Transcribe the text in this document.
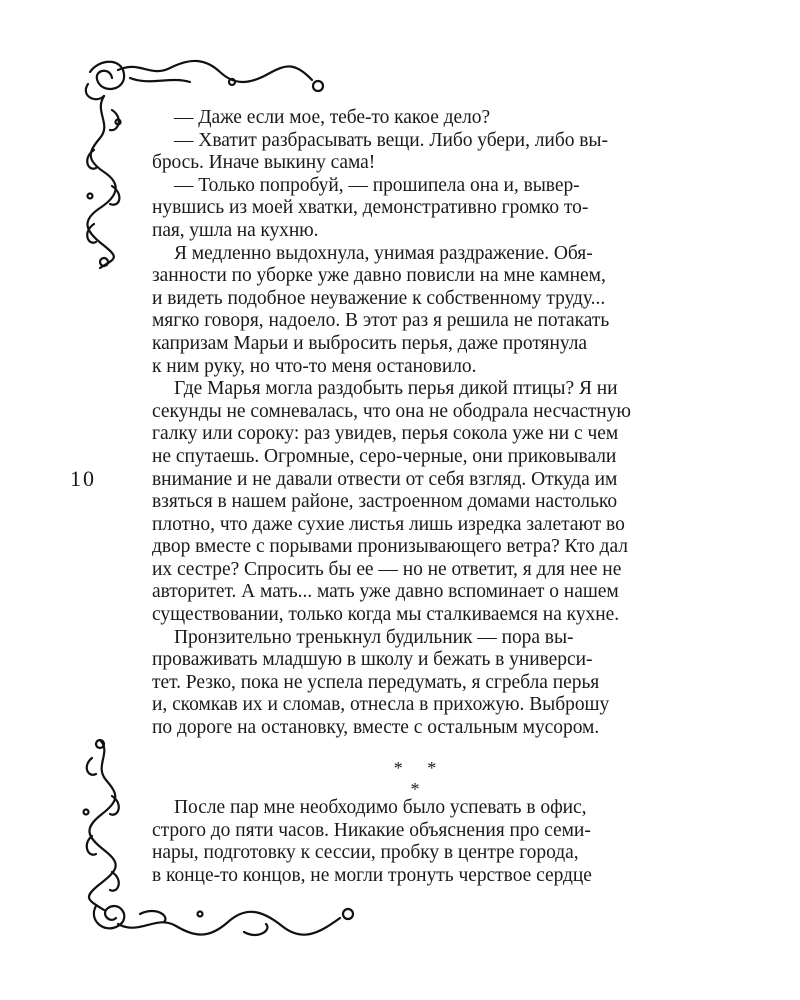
10
— Даже если мое, тебе-то какое дело?
— Хватит разбрасывать вещи. Либо убери, либо вы-
брось. Иначе выкину сама!
— Только попробуй, — прошипела она и, вывер-
нувшись из моей хватки, демонстративно громко то-
пая, ушла на кухню.
Я медленно выдохнула, унимая раздражение. Обя-
занности по уборке уже давно повисли на мне камнем,
и видеть подобное неуважение к собственному труду...
мягко говоря, надоело. В этот раз я решила не потакать
капризам Марьи и выбросить перья, даже протянула
к ним руку, но что-то меня остановило.
Где Марья могла раздобыть перья дикой птицы? Я ни
секунды не сомневалась, что она не ободрала несчастную
галку или сороку: раз увидев, перья сокола уже ни с чем
не спутаешь. Огромные, серо-черные, они приковывали
внимание и не давали отвести от себя взгляд. Откуда им
взяться в нашем районе, застроенном домами настолько
плотно, что даже сухие листья лишь изредка залетают во
двор вместе с порывами пронизывающего ветра? Кто дал
их сестре? Спросить бы ее — но не ответит, я для нее не
авторитет. А мать... мать уже давно вспоминает о нашем
существовании, только когда мы сталкиваемся на кухне.
Пронзительно тренькнул будильник — пора вы-
проваживать младшую в школу и бежать в универси-
тет. Резко, пока не успела передумать, я сгребла перья
и, скомкав их и сломав, отнесла в прихожую. Выброшу
по дороге на остановку, вместе с остальным мусором.
* * *
После пар мне необходимо было успевать в офис,
строго до пяти часов. Никакие объяснения про семи-
нары, подготовку к сессии, пробку в центре города,
в конце-то концов, не могли тронуть черствое сердце
